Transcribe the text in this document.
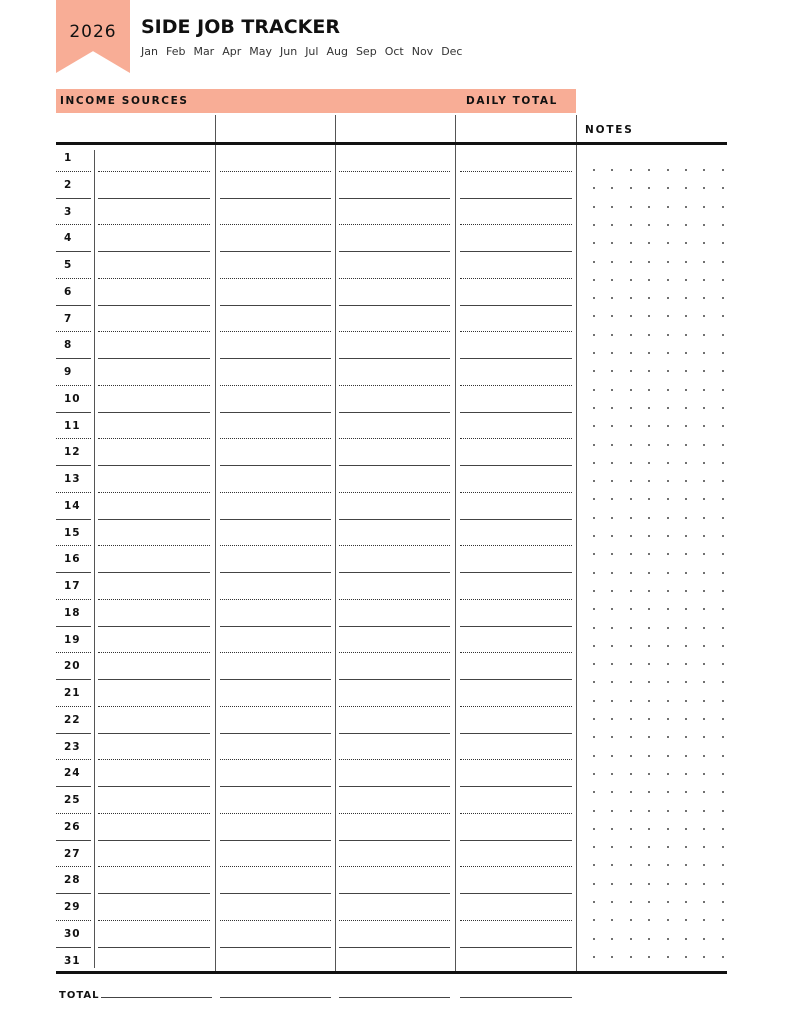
2026	SIDE JOB TRACKER
Jan Feb Mar Apr May Jun Jul Aug Sep Oct Nov Dec
INCOME SOURCES	DAILY TOTAL
NOTES
TOTAL
1
2
3
4
5
6
7
8
9
10
11
12
13
14
15
16
17
18
19
20
21
22
23
24
25
26
27
28
29
30
31
